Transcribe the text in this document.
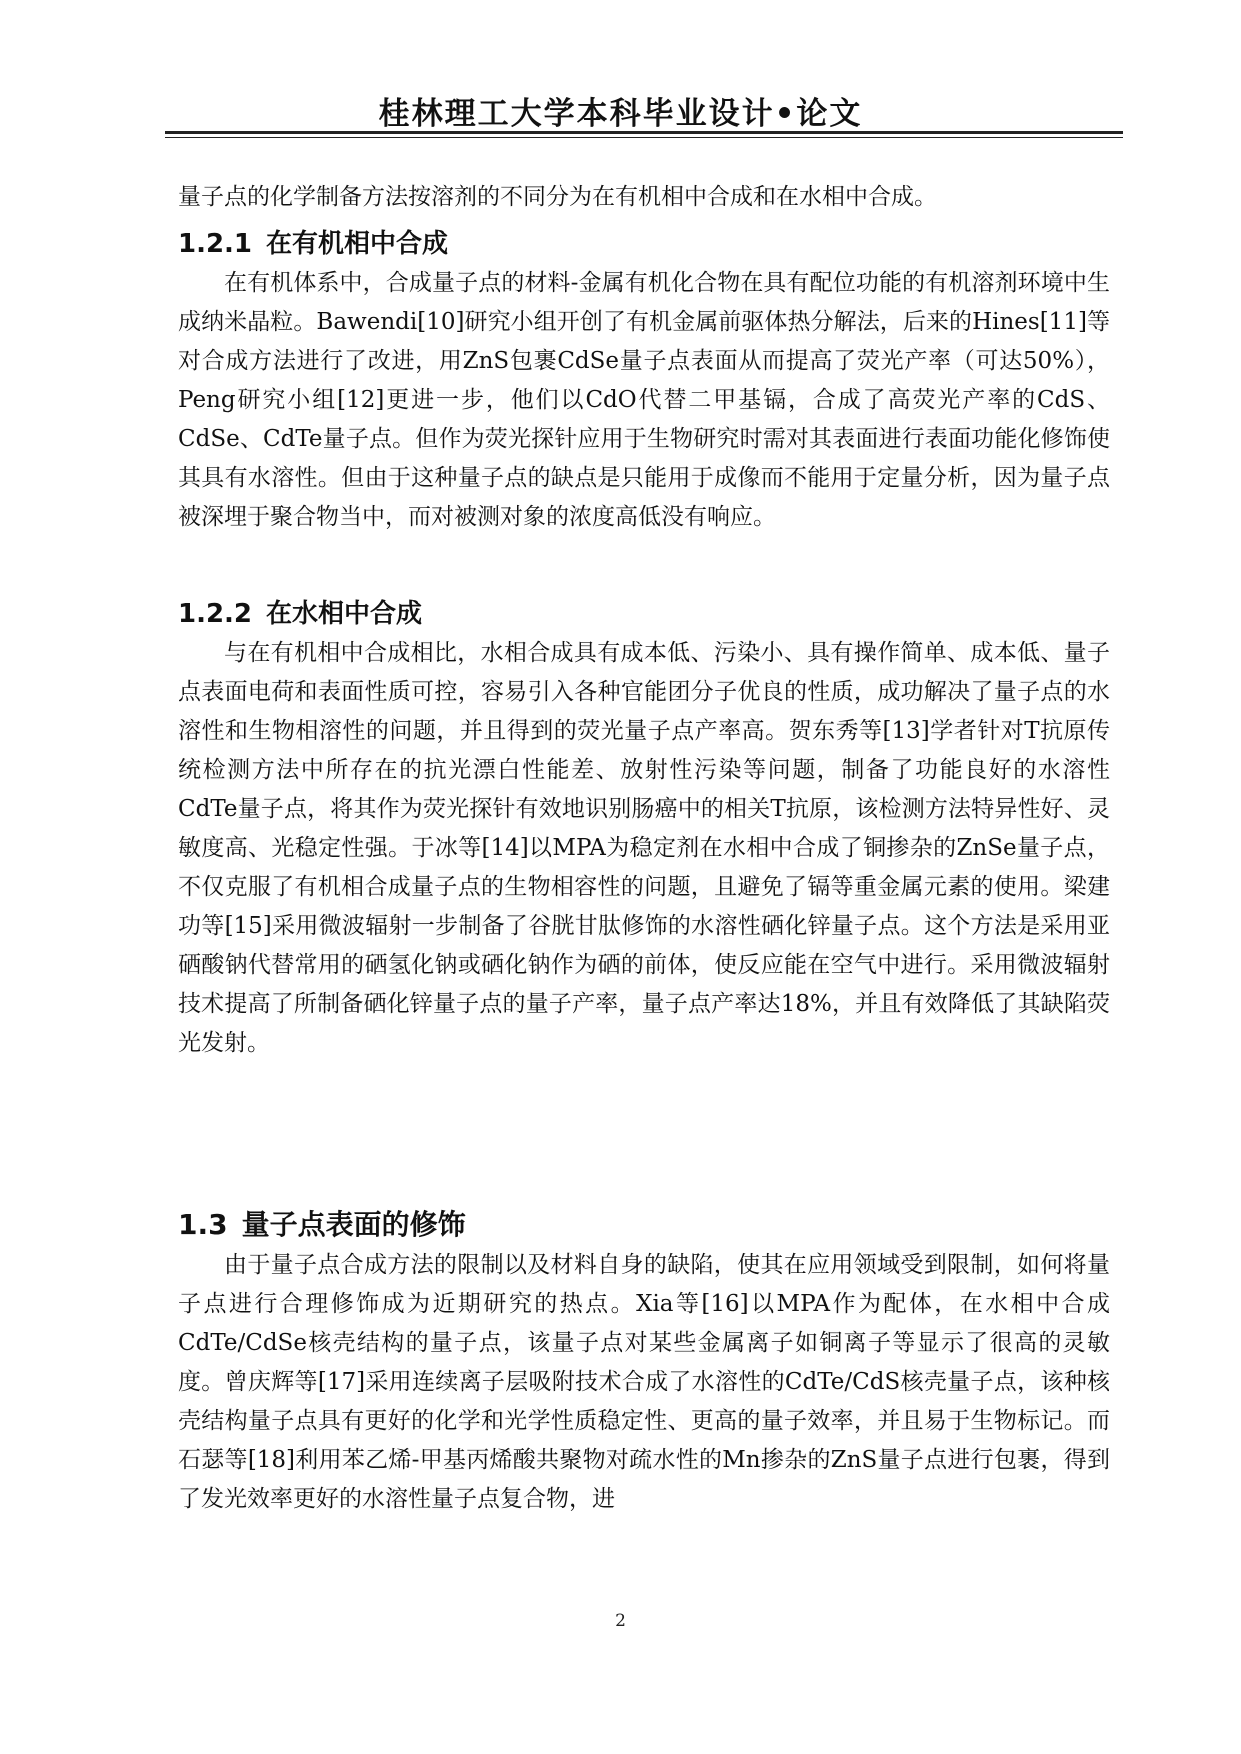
桂林理工大学本科毕业设计•论文

量子点的化学制备方法按溶剂的不同分为在有机相中合成和在水相中合成。

1.2.1 在有机相中合成

在有机体系中，合成量子点的材料-金属有机化合物在具有配位功能的有机溶剂环境中生成纳米晶粒。Bawendi[10]研究小组开创了有机金属前驱体热分解法，后来的Hines[11]等对合成方法进行了改进，用ZnS包裹CdSe量子点表面从而提高了荧光产率（可达50%），Peng研究小组[12]更进一步，他们以CdO代替二甲基镉，合成了高荧光产率的CdS、CdSe、CdTe量子点。但作为荧光探针应用于生物研究时需对其表面进行表面功能化修饰使其具有水溶性。但由于这种量子点的缺点是只能用于成像而不能用于定量分析，因为量子点被深埋于聚合物当中，而对被测对象的浓度高低没有响应。

1.2.2 在水相中合成

与在有机相中合成相比，水相合成具有成本低、污染小、具有操作简单、成本低、量子点表面电荷和表面性质可控，容易引入各种官能团分子优良的性质，成功解决了量子点的水溶性和生物相溶性的问题，并且得到的荧光量子点产率高。贺东秀等[13]学者针对T抗原传统检测方法中所存在的抗光漂白性能差、放射性污染等问题，制备了功能良好的水溶性CdTe量子点，将其作为荧光探针有效地识别肠癌中的相关T抗原，该检测方法特异性好、灵敏度高、光稳定性强。于冰等[14]以MPA为稳定剂在水相中合成了铜掺杂的ZnSe量子点，不仅克服了有机相合成量子点的生物相容性的问题，且避免了镉等重金属元素的使用。梁建功等[15]采用微波辐射一步制备了谷胱甘肽修饰的水溶性硒化锌量子点。这个方法是采用亚硒酸钠代替常用的硒氢化钠或硒化钠作为硒的前体，使反应能在空气中进行。采用微波辐射技术提高了所制备硒化锌量子点的量子产率，量子点产率达18%，并且有效降低了其缺陷荧光发射。

1.3 量子点表面的修饰

由于量子点合成方法的限制以及材料自身的缺陷，使其在应用领域受到限制，如何将量子点进行合理修饰成为近期研究的热点。Xia等[16]以MPA作为配体，在水相中合成CdTe/CdSe核壳结构的量子点，该量子点对某些金属离子如铜离子等显示了很高的灵敏度。曾庆辉等[17]采用连续离子层吸附技术合成了水溶性的CdTe/CdS核壳量子点，该种核壳结构量子点具有更好的化学和光学性质稳定性、更高的量子效率，并且易于生物标记。而石瑟等[18]利用苯乙烯-甲基丙烯酸共聚物对疏水性的Mn掺杂的ZnS量子点进行包裹，得到了发光效率更好的水溶性量子点复合物，进

2
